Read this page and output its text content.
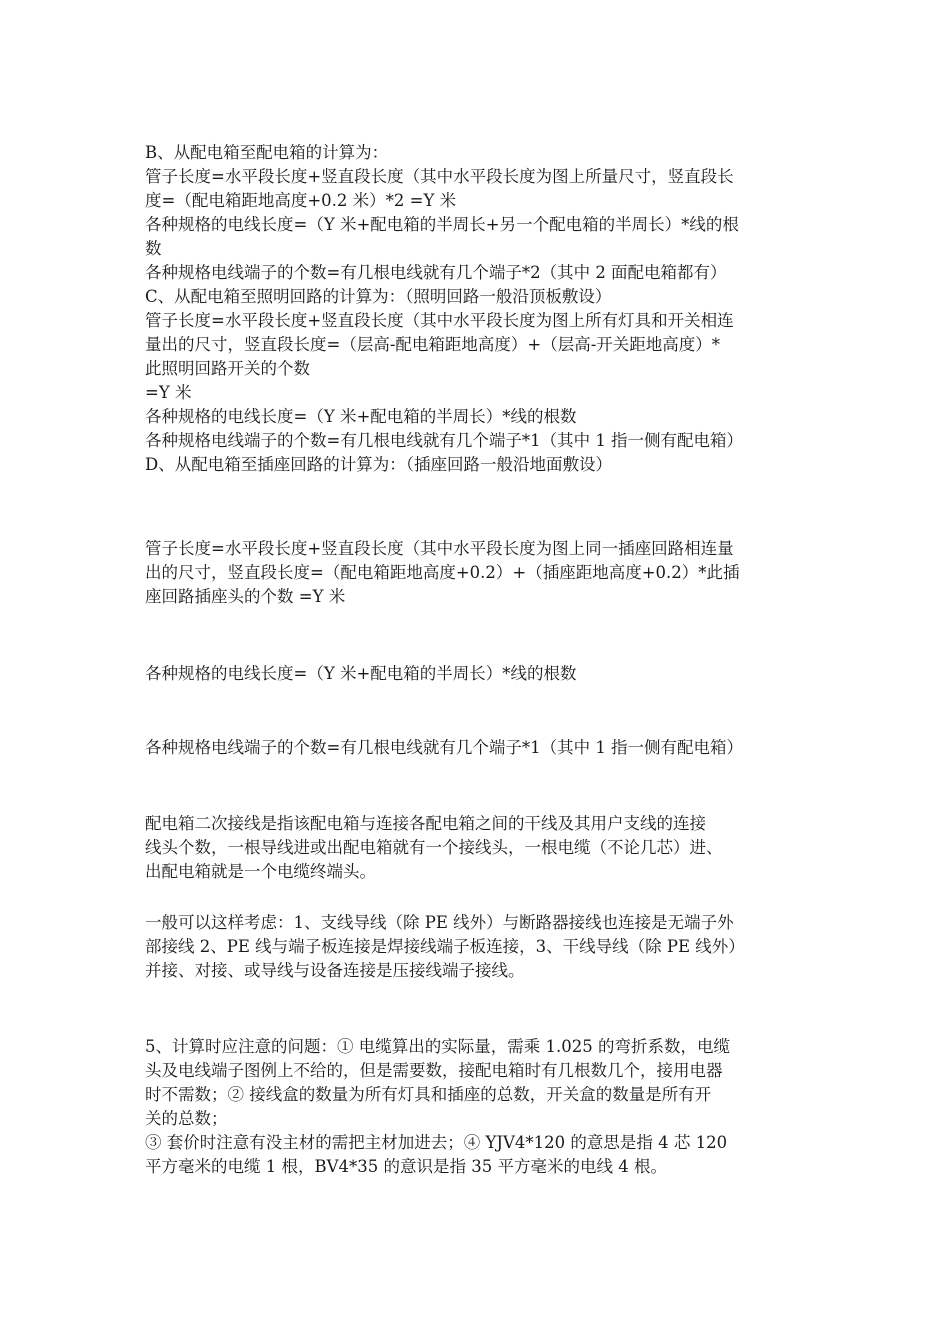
B、从配电箱至配电箱的计算为：
管子长度=水平段长度+竖直段长度（其中水平段长度为图上所量尺寸，竖直段长
度=（配电箱距地高度+0.2 米）*2 =Y 米
各种规格的电线长度=（Y 米+配电箱的半周长+另一个配电箱的半周长）*线的根
数
各种规格电线端子的个数=有几根电线就有几个端子*2（其中 2 面配电箱都有）
C、从配电箱至照明回路的计算为：（照明回路一般沿顶板敷设）
管子长度=水平段长度+竖直段长度（其中水平段长度为图上所有灯具和开关相连
量出的尺寸，竖直段长度=（层高-配电箱距地高度）+（层高-开关距地高度）*
此照明回路开关的个数
=Y 米
各种规格的电线长度=（Y 米+配电箱的半周长）*线的根数
各种规格电线端子的个数=有几根电线就有几个端子*1（其中 1 指一侧有配电箱）
D、从配电箱至插座回路的计算为：（插座回路一般沿地面敷设）
管子长度=水平段长度+竖直段长度（其中水平段长度为图上同一插座回路相连量
出的尺寸，竖直段长度=（配电箱距地高度+0.2）+（插座距地高度+0.2）*此插
座回路插座头的个数 =Y 米
各种规格的电线长度=（Y 米+配电箱的半周长）*线的根数
各种规格电线端子的个数=有几根电线就有几个端子*1（其中 1 指一侧有配电箱）
配电箱二次接线是指该配电箱与连接各配电箱之间的干线及其用户支线的连接
线头个数，一根导线进或出配电箱就有一个接线头，一根电缆（不论几芯）进、
出配电箱就是一个电缆终端头。
一般可以这样考虑：1、支线导线（除 PE 线外）与断路器接线也连接是无端子外
部接线 2、PE 线与端子板连接是焊接线端子板连接，3、干线导线（除 PE 线外）
并接、对接、或导线与设备连接是压接线端子接线。
5、计算时应注意的问题：① 电缆算出的实际量，需乘 1.025 的弯折系数，电缆
头及电线端子图例上不给的，但是需要数，接配电箱时有几根数几个，接用电器
时不需数；② 接线盒的数量为所有灯具和插座的总数，开关盒的数量是所有开
关的总数；
③ 套价时注意有没主材的需把主材加进去；④ YJV4*120 的意思是指 4 芯 120
平方毫米的电缆 1 根，BV4*35 的意识是指 35 平方毫米的电线 4 根。
